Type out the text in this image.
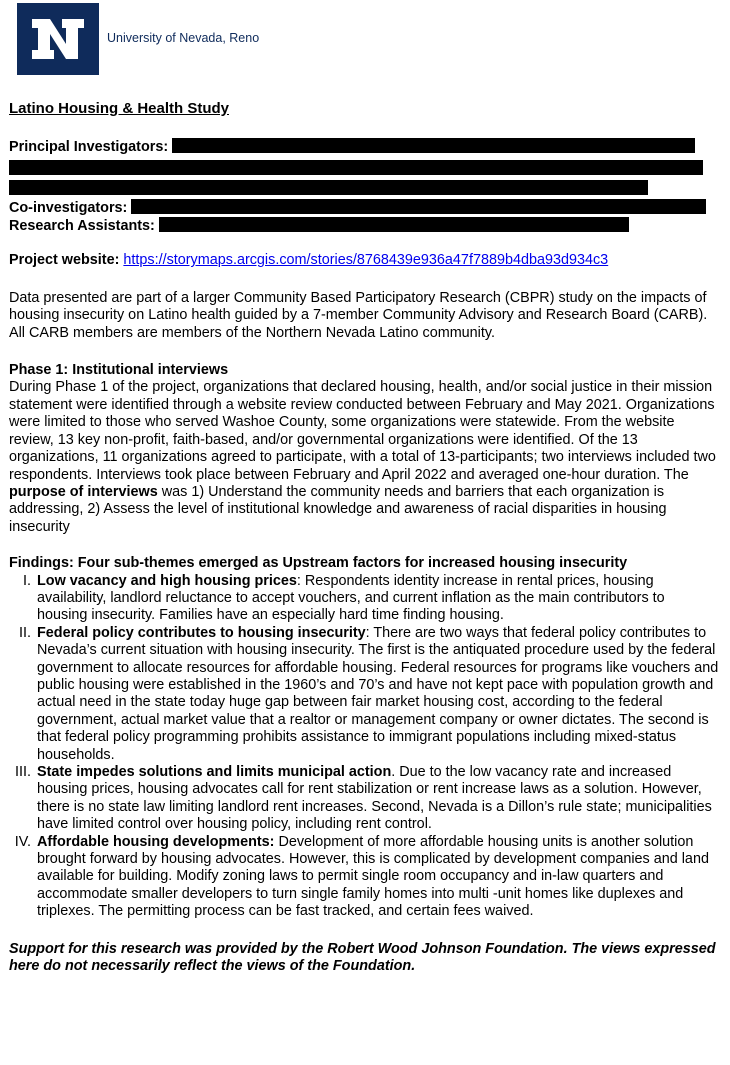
University of Nevada, Reno

Latino Housing & Health Study

Principal Investigators:
Co-investigators:
Research Assistants:
Project website: https://storymaps.arcgis.com/stories/8768439e936a47f7889b4dba93d934c3

Data presented are part of a larger Community Based Participatory Research (CBPR) study on the impacts of housing insecurity on Latino health guided by a 7-member Community Advisory and Research Board (CARB). All CARB members are members of the Northern Nevada Latino community.

Phase 1: Institutional interviews

During Phase 1 of the project, organizations that declared housing, health, and/or social justice in their mission statement were identified through a website review conducted between February and May 2021. Organizations were limited to those who served Washoe County, some organizations were statewide. From the website review, 13 key non-profit, faith-based, and/or governmental organizations were identified. Of the 13 organizations, 11 organizations agreed to participate, with a total of 13-participants; two interviews included two respondents. Interviews took place between February and April 2022 and averaged one-hour duration. The purpose of interviews was 1) Understand the community needs and barriers that each organization is addressing, 2) Assess the level of institutional knowledge and awareness of racial disparities in housing insecurity

Findings: Four sub-themes emerged as Upstream factors for increased housing insecurity
I. Low vacancy and high housing prices: Respondents identity increase in rental prices, housing availability, landlord reluctance to accept vouchers, and current inflation as the main contributors to housing insecurity. Families have an especially hard time finding housing.
II. Federal policy contributes to housing insecurity: There are two ways that federal policy contributes to Nevada’s current situation with housing insecurity. The first is the antiquated procedure used by the federal government to allocate resources for affordable housing. Federal resources for programs like vouchers and public housing were established in the 1960’s and 70’s and have not kept pace with population growth and actual need in the state today huge gap between fair market housing cost, according to the federal government, actual market value that a realtor or management company or owner dictates. The second is that federal policy programming prohibits assistance to immigrant populations including mixed-status households.
III. State impedes solutions and limits municipal action. Due to the low vacancy rate and increased housing prices, housing advocates call for rent stabilization or rent increase laws as a solution. However, there is no state law limiting landlord rent increases. Second, Nevada is a Dillon’s rule state; municipalities have limited control over housing policy, including rent control.
IV. Affordable housing developments: Development of more affordable housing units is another solution brought forward by housing advocates. However, this is complicated by development companies and land available for building. Modify zoning laws to permit single room occupancy and in-law quarters and accommodate smaller developers to turn single family homes into multi -unit homes like duplexes and triplexes. The permitting process can be fast tracked, and certain fees waived.

Support for this research was provided by the Robert Wood Johnson Foundation. The views expressed here do not necessarily reflect the views of the Foundation.
